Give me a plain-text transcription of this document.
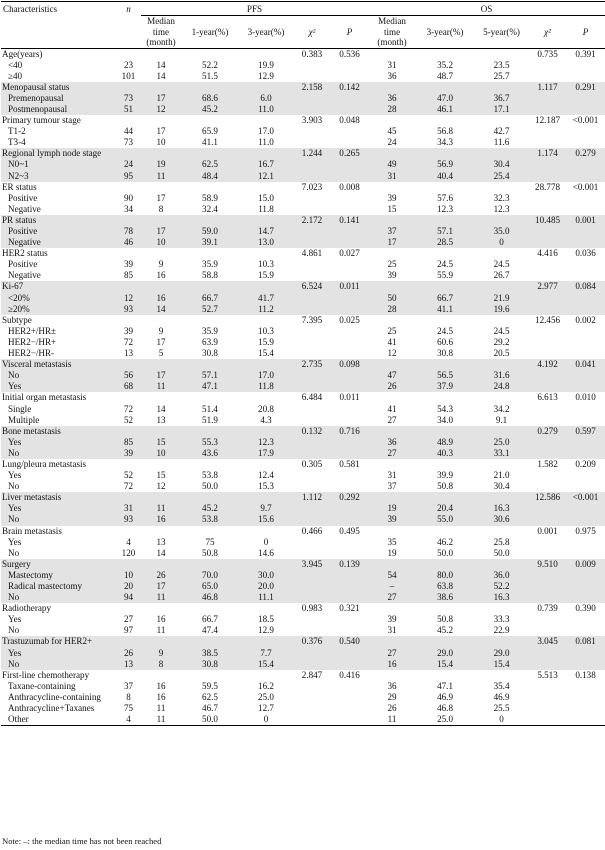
Characteristics	n	PFS					OS				
		Median time (month)	1-year(%)	3-year(%)	χ²	P	Median time (month)	3-year(%)	5-year(%)	χ²	P
Age(years)					0.383	0.536				0.735	0.391
<40	23	14	52.2	19.9			31	35.2	23.5		
≥40	101	14	51.5	12.9			36	48.7	25.7		
Menopausal status					2.158	0.142				1.117	0.291
Premenopausal	73	17	68.6	6.0			36	47.0	36.7		
Postmenopausal	51	12	45.2	11.0			28	46.1	17.1		
Primary tumour stage					3.903	0.048				12.187	<0.001
T1-2	44	17	65.9	17.0			45	56.8	42.7		
T3-4	73	10	41.1	11.0			24	34.3	11.6		
Regional lymph node stage					1.244	0.265				1.174	0.279
N0~1	24	19	62.5	16.7			49	56.9	30.4		
N2~3	95	11	48.4	12.1			31	40.4	25.4		
ER status					7.023	0.008				28.778	<0.001
Positive	90	17	58.9	15.0			39	57.6	32.3		
Negative	34	8	32.4	11.8			15	12.3	12.3		
PR status					2.172	0.141				10.485	0.001
Positive	78	17	59.0	14.7			37	57.1	35.0		
Negative	46	10	39.1	13.0			17	28.5	0		
HER2 status					4.861	0.027				4.416	0.036
Positive	39	9	35.9	10.3			25	24.5	24.5		
Negative	85	16	58.8	15.9			39	55.9	26.7		
Ki-67					6.524	0.011				2.977	0.084
<20%	12	16	66.7	41.7			50	66.7	21.9		
≥20%	93	14	52.7	11.2			28	41.1	19.6		
Subtype					7.395	0.025				12.456	0.002
HER2+/HR±	39	9	35.9	10.3			25	24.5	24.5		
HER2−/HR+	72	17	63.9	15.9			41	60.6	29.2		
HER2−/HR-	13	5	30.8	15.4			12	30.8	20.5		
Visceral metastasis					2.735	0.098				4.192	0.041
No	56	17	57.1	17.0			47	56.5	31.6		
Yes	68	11	47.1	11.8			26	37.9	24.8		
Initial organ metastasis					6.484	0.011				6.613	0.010
Single	72	14	51.4	20.8			41	54.3	34.2		
Multiple	52	13	51.9	4.3			27	34.0	9.1		
Bone metastasis					0.132	0.716				0.279	0.597
Yes	85	15	55.3	12.3			36	48.9	25.0		
No	39	10	43.6	17.9			27	40.3	33.1		
Lung/pleura metastasis					0.305	0.581				1.582	0.209
Yes	52	15	53.8	12.4			31	39.9	21.0		
No	72	12	50.0	15.3			37	50.8	30.4		
Liver metastasis					1.112	0.292				12.586	<0.001
Yes	31	11	45.2	9.7			19	20.4	16.3		
No	93	16	53.8	15.6			39	55.0	30.6		
Brain metastasis					0.466	0.495				0.001	0.975
Yes	4	13	75	0			35	46.2	25.8		
No	120	14	50.8	14.6			19	50.0	50.0		
Surgery					3.945	0.139				9.510	0.009
Mastectomy	10	26	70.0	30.0			54	80.0	36.0		
Radical mastectomy	20	17	65.0	20.0			–	63.8	52.2		
No	94	11	46.8	11.1			27	38.6	16.3		
Radiotherapy					0.983	0.321				0.739	0.390
Yes	27	16	66.7	18.5			39	50.8	33.3		
No	97	11	47.4	12.9			31	45.2	22.9		
Trastuzumab for HER2+					0.376	0.540				3.045	0.081
Yes	26	9	38.5	7.7			27	29.0	29.0		
No	13	8	30.8	15.4			16	15.4	15.4		
First-line chemotherapy					2.847	0.416				5.513	0.138
Taxane-containing	37	16	59.5	16.2			36	47.1	35.4		
Anthracycline-containing	8	16	62.5	25.0			29	46.9	46.9		
Anthracycline+Taxanes	75	11	46.7	12.7			26	46.8	25.5		
Other	4	11	50.0	0			11	25.0	0		
Note: –: the median time has not been reached
